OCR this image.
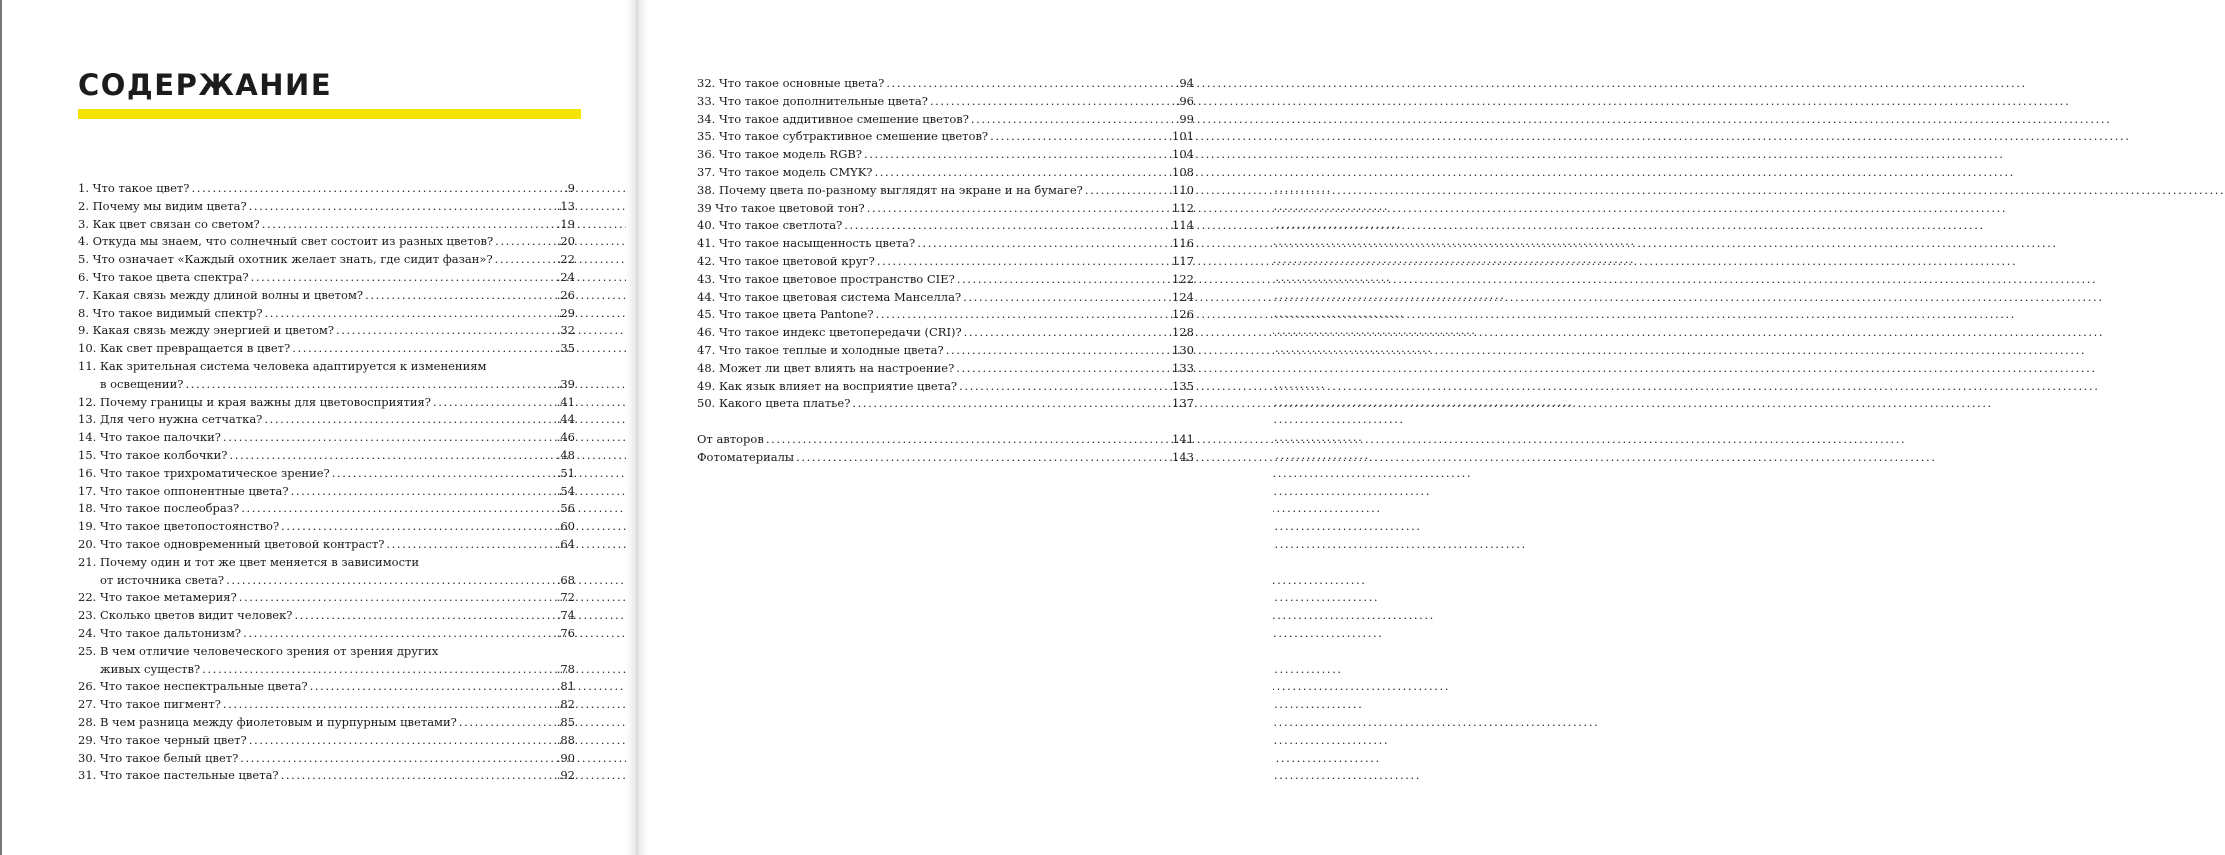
СОДЕРЖАНИЕ
1. Что такое цвет? .....	.9
2. Почему мы видим цвета? .....	.13
3. Как цвет связан со светом? .....	.19
4. Откуда мы знаем, что солнечный свет состоит из разных цветов? .....	.20
5. Что означает «Каждый охотник желает знать, где сидит фазан»? .....	.22
6. Что такое цвета спектра? .....	.24
7. Какая связь между длиной волны и цветом? .....	.26
8. Что такое видимый спектр? .....	.29
9. Какая связь между энергией и цветом? .....	.32
10. Как свет превращается в цвет? .....	.35
11. Как зрительная система человека адаптируется к изменениям
в освещении? .....	.39
12. Почему границы и края важны для цветовосприятия? .....	.41
13. Для чего нужна сетчатка? .....	.44
14. Что такое палочки? .....	.46
15. Что такое колбочки? .....	.48
16. Что такое трихроматическое зрение? .....	.51
17. Что такое оппонентные цвета? .....	.54
18. Что такое послеобраз? .....	.56
19. Что такое цветопостоянство? .....	.60
20. Что такое одновременный цветовой контраст? .....	.64
21. Почему один и тот же цвет меняется в зависимости
от источника света? .....	.68
22. Что такое метамерия? .....	.72
23. Сколько цветов видит человек? .....	.74
24. Что такое дальтонизм? .....	.76
25. В чем отличие человеческого зрения от зрения других
живых существ? .....	.78
26. Что такое неспектральные цвета? .....	.81
27. Что такое пигмент? .....	.82
28. В чем разница между фиолетовым и пурпурным цветами? .....	.85
29. Что такое черный цвет? .....	.88
30. Что такое белый цвет? .....	.90
31. Что такое пастельные цвета? .....	.92
32. Что такое основные цвета? .....	.94
33. Что такое дополнительные цвета? .....	.96
34. Что такое аддитивное смешение цветов? .....	.99
35. Что такое субтрактивное смешение цветов? .....	101
36. Что такое модель RGB? .....	104
37. Что такое модель CMYK? .....	108
38. Почему цвета по-разному выглядят на экране и на бумаге? .....	110
39 Что такое цветовой тон? .....	112
40. Что такое светлота? .....	114
41. Что такое насыщенность цвета? .....	116
42. Что такое цветовой круг? .....	117
43. Что такое цветовое пространство CIE? .....	122
44. Что такое цветовая система Манселла? .....	124
45. Что такое цвета Pantone? .....	126
46. Что такое индекс цветопередачи (CRI)? .....	128
47. Что такое теплые и холодные цвета? .....	130
48. Может ли цвет влиять на настроение? .....	133
49. Как язык влияет на восприятие цвета? .....	135
50. Какого цвета платье? .....	137
От авторов .....	141
Фотоматериалы .....	143
